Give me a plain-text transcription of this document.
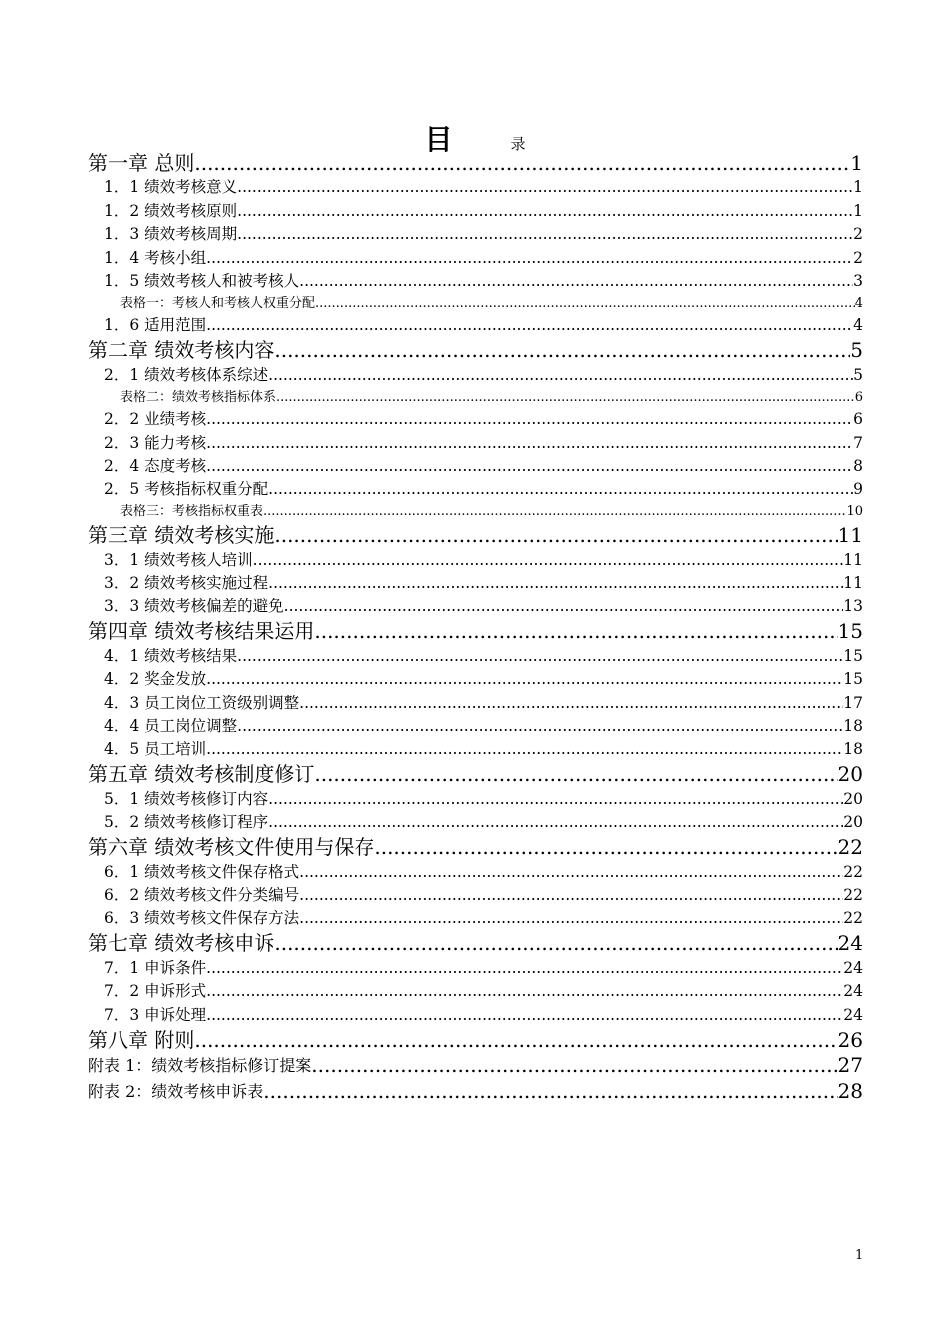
目	录
第一章 总则 .....	1
1．1 绩效考核意义 .....	1
1．2 绩效考核原则 .....	1
1．3 绩效考核周期 .....	2
1．4 考核小组 .....	2
1．5 绩效考核人和被考核人 .....	3
表格一：考核人和考核人权重分配 .....	4
1．6 适用范围 .....	4
第二章 绩效考核内容 .....	5
2．1 绩效考核体系综述 .....	5
表格二：绩效考核指标体系 .....	6
2．2 业绩考核 .....	6
2．3 能力考核 .....	7
2．4 态度考核 .....	8
2．5 考核指标权重分配 .....	9
表格三：考核指标权重表 .....	10
第三章 绩效考核实施 .....	11
3．1 绩效考核人培训 .....	11
3．2 绩效考核实施过程 .....	11
3．3 绩效考核偏差的避免 .....	13
第四章 绩效考核结果运用 .....	15
4．1 绩效考核结果 .....	15
4．2 奖金发放 .....	15
4．3 员工岗位工资级别调整 .....	17
4．4 员工岗位调整 .....	18
4．5 员工培训 .....	18
第五章 绩效考核制度修订 .....	20
5．1 绩效考核修订内容 .....	20
5．2 绩效考核修订程序 .....	20
第六章 绩效考核文件使用与保存 .....	22
6．1 绩效考核文件保存格式 .....	22
6．2 绩效考核文件分类编号 .....	22
6．3 绩效考核文件保存方法 .....	22
第七章 绩效考核申诉 .....	24
7．1 申诉条件 .....	24
7．2 申诉形式 .....	24
7．3 申诉处理 .....	24
第八章 附则 .....	26
附表 1：绩效考核指标修订提案 .....	27
附表 2：绩效考核申诉表 .....	28
1
